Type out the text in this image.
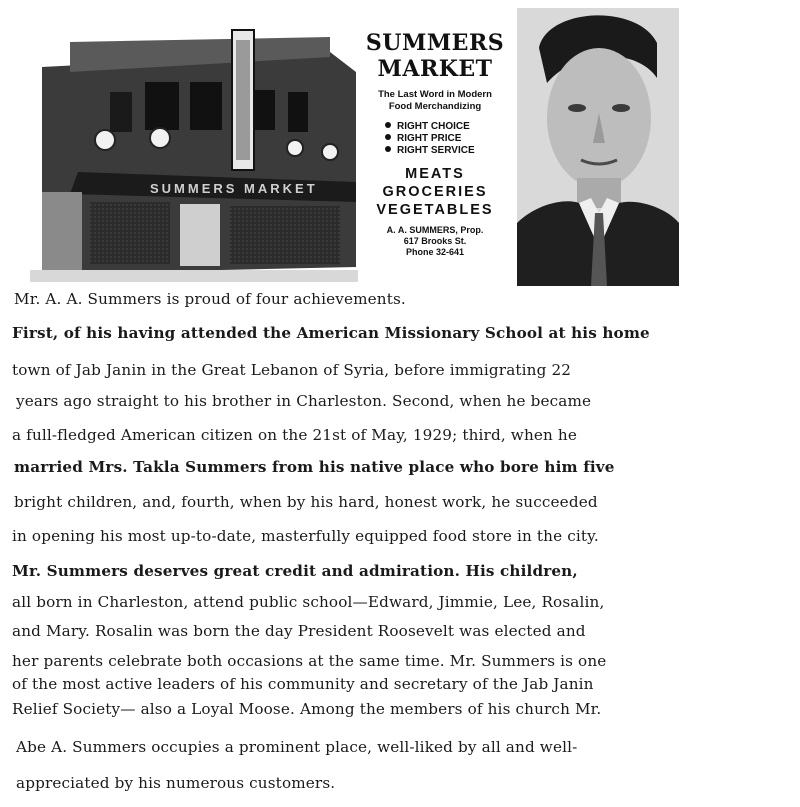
SUMMERS MARKET
SUMMERS
MARKET
The Last Word in Modern
Food Merchandizing
RIGHT CHOICE
RIGHT PRICE
RIGHT SERVICE
MEATS
GROCERIES
VEGETABLES
A. A. SUMMERS, Prop.
617 Brooks St.
Phone 32-641
Mr. A. A. Summers is proud of four achievements.
First, of his having attended the American Missionary School at his home
town of Jab Janin in the Great Lebanon of Syria, before immigrating 22
years ago straight to his brother in Charleston. Second, when he became
a full-fledged American citizen on the 21st of May, 1929; third, when he
married Mrs. Takla Summers from his native place who bore him five
bright children, and, fourth, when by his hard, honest work, he succeeded
in opening his most up-to-date, masterfully equipped food store in the city.
Mr. Summers deserves great credit and admiration. His children,
all born in Charleston, attend public school—Edward, Jimmie, Lee, Rosalin,
and Mary. Rosalin was born the day President Roosevelt was elected and
her parents celebrate both occasions at the same time. Mr. Summers is one
of the most active leaders of his community and secretary of the Jab Janin
Relief Society— also a Loyal Moose. Among the members of his church Mr.
Abe A. Summers occupies a prominent place, well-liked by all and well-
appreciated by his numerous customers.
